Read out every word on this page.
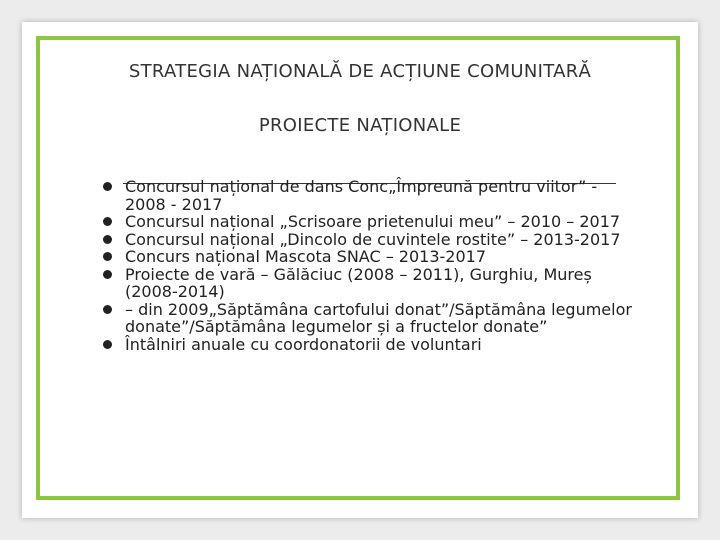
STRATEGIA NAȚIONALĂ DE ACȚIUNE COMUNITARĂ
PROIECTE NAȚIONALE
Concursul național de dans Conc„Împreună pentru viitor” - 2008 - 2017
Concursul național „Scrisoare prietenului meu” – 2010 – 2017
Concursul național „Dincolo de cuvintele rostite” – 2013-2017
Concurs național Mascota SNAC – 2013-2017
Proiecte de vară – Gălăciuc (2008 – 2011), Gurghiu, Mureș (2008-2014)
– din 2009„Săptămâna cartofului donat”/Săptămâna legumelor donate”/Săptămâna legumelor și a fructelor donate”
Întâlniri anuale cu coordonatorii de voluntari
